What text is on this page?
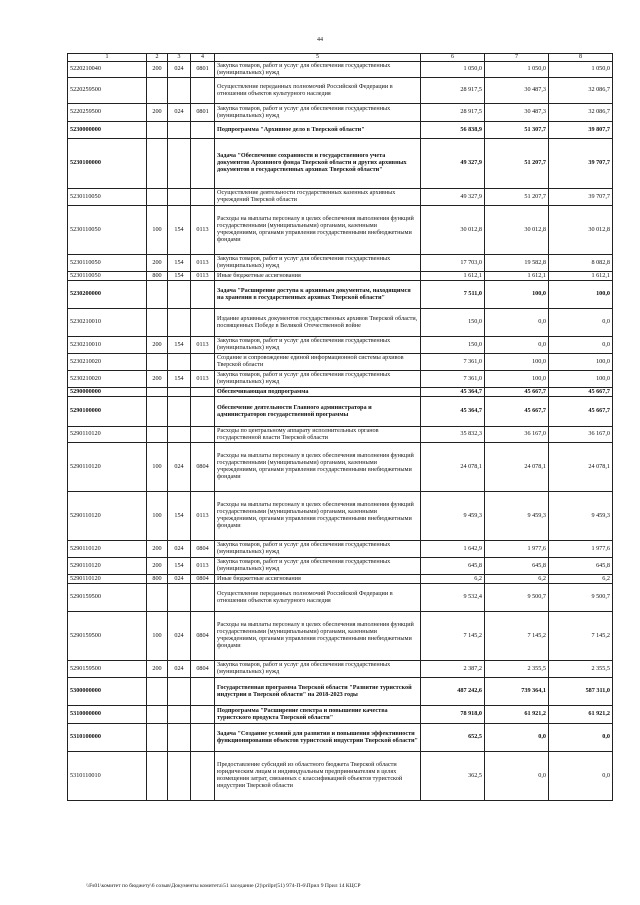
44
1	2	3	4	5	6	7	8
5220210040	200	024	0801	Закупка товаров, работ и услуг для обеспечения государственных (муниципальных) нужд	1 050,0	1 050,0	1 050,0
5220259500				Осуществление переданных полномочий Российской Федерации в отношении объектов культурного наследия	28 917,5	30 487,3	32 086,7
5220259500	200	024	0801	Закупка товаров, работ и услуг для обеспечения государственных (муниципальных) нужд	28 917,5	30 487,3	32 086,7
5230000000				Подпрограмма "Архивное дело в Тверской области"	56 838,9	51 307,7	39 807,7
5230100000				Задача "Обеспечение сохранности и государственного учета документов Архивного фонда Тверской области и других архивных документов в государственных архивах Тверской области"	49 327,9	51 207,7	39 707,7
5230110050				Осуществление деятельности государственных казенных архивных учреждений Тверской области	49 327,9	51 207,7	39 707,7
5230110050	100	154	0113	Расходы на выплаты персоналу в целях обеспечения выполнения функций государственными (муниципальными) органами, казенными учреждениями, органами управления государственными внебюджетными фондами	30 012,8	30 012,8	30 012,8
5230110050	200	154	0113	Закупка товаров, работ и услуг для обеспечения государственных (муниципальных) нужд	17 703,0	19 582,8	8 082,8
5230110050	800	154	0113	Иные бюджетные ассигнования	1 612,1	1 612,1	1 612,1
5230200000				Задача "Расширение доступа к архивным документам, находящимся на хранении в государственных архивах Тверской области"	7 511,0	100,0	100,0
5230210010				Издание архивных документов государственных архивов Тверской области, посвященных Победе в Великой Отечественной войне	150,0	0,0	0,0
5230210010	200	154	0113	Закупка товаров, работ и услуг для обеспечения государственных (муниципальных) нужд	150,0	0,0	0,0
5230210020				Создание и сопровождение единой информационной системы архивов Тверской области	7 361,0	100,0	100,0
5230210020	200	154	0113	Закупка товаров, работ и услуг для обеспечения государственных (муниципальных) нужд	7 361,0	100,0	100,0
5290000000				Обеспечивающая подпрограмма	45 364,7	45 667,7	45 667,7
5290100000				Обеспечение деятельности Главного администратора и администраторов государственной программы	45 364,7	45 667,7	45 667,7
5290110120				Расходы по центральному аппарату исполнительных органов государственной власти Тверской области	35 832,3	36 167,0	36 167,0
5290110120	100	024	0804	Расходы на выплаты персоналу в целях обеспечения выполнения функций государственными (муниципальными) органами, казенными учреждениями, органами управления государственными внебюджетными фондами	24 078,1	24 078,1	24 078,1
5290110120	100	154	0113	Расходы на выплаты персоналу в целях обеспечения выполнения функций государственными (муниципальными) органами, казенными учреждениями, органами управления государственными внебюджетными фондами	9 459,3	9 459,3	9 459,3
5290110120	200	024	0804	Закупка товаров, работ и услуг для обеспечения государственных (муниципальных) нужд	1 642,9	1 977,6	1 977,6
5290110120	200	154	0113	Закупка товаров, работ и услуг для обеспечения государственных (муниципальных) нужд	645,8	645,8	645,8
5290110120	800	024	0804	Иные бюджетные ассигнования	6,2	6,2	6,2
5290159500				Осуществление переданных полномочий Российской Федерации в отношении объектов культурного наследия	9 532,4	9 500,7	9 500,7
5290159500	100	024	0804	Расходы на выплаты персоналу в целях обеспечения выполнения функций государственными (муниципальными) органами, казенными учреждениями, органами управления государственными внебюджетными фондами	7 145,2	7 145,2	7 145,2
5290159500	200	024	0804	Закупка товаров, работ и услуг для обеспечения государственных (муниципальных) нужд	2 387,2	2 355,5	2 355,5
5300000000				Государственная программа Тверской области "Развитие туристской индустрии в Тверской области" на 2018-2023 годы	487 242,6	739 364,1	587 311,0
5310000000				Подпрограмма "Расширение спектра и повышение качества туристского продукта Тверской области"	78 918,0	61 921,2	61 921,2
5310100000				Задача "Создание условий для развития и повышения эффективности функционирования объектов туристской индустрии Тверской области"	652,5	0,0	0,0
5310110010				Предоставление субсидий из областного бюджета Тверской области юридическим лицам и индивидуальным предпринимателям в целях возмещения затрат, связанных с классификацией объектов туристской индустрии Тверской области	362,5	0,0	0,0
\\Fs01\комитет по бюджету\6 созыв\Документы комитета\51 заседание (2)\prilpr(51) 974-П-6\Прил 9 Прил 14 КЦСР
